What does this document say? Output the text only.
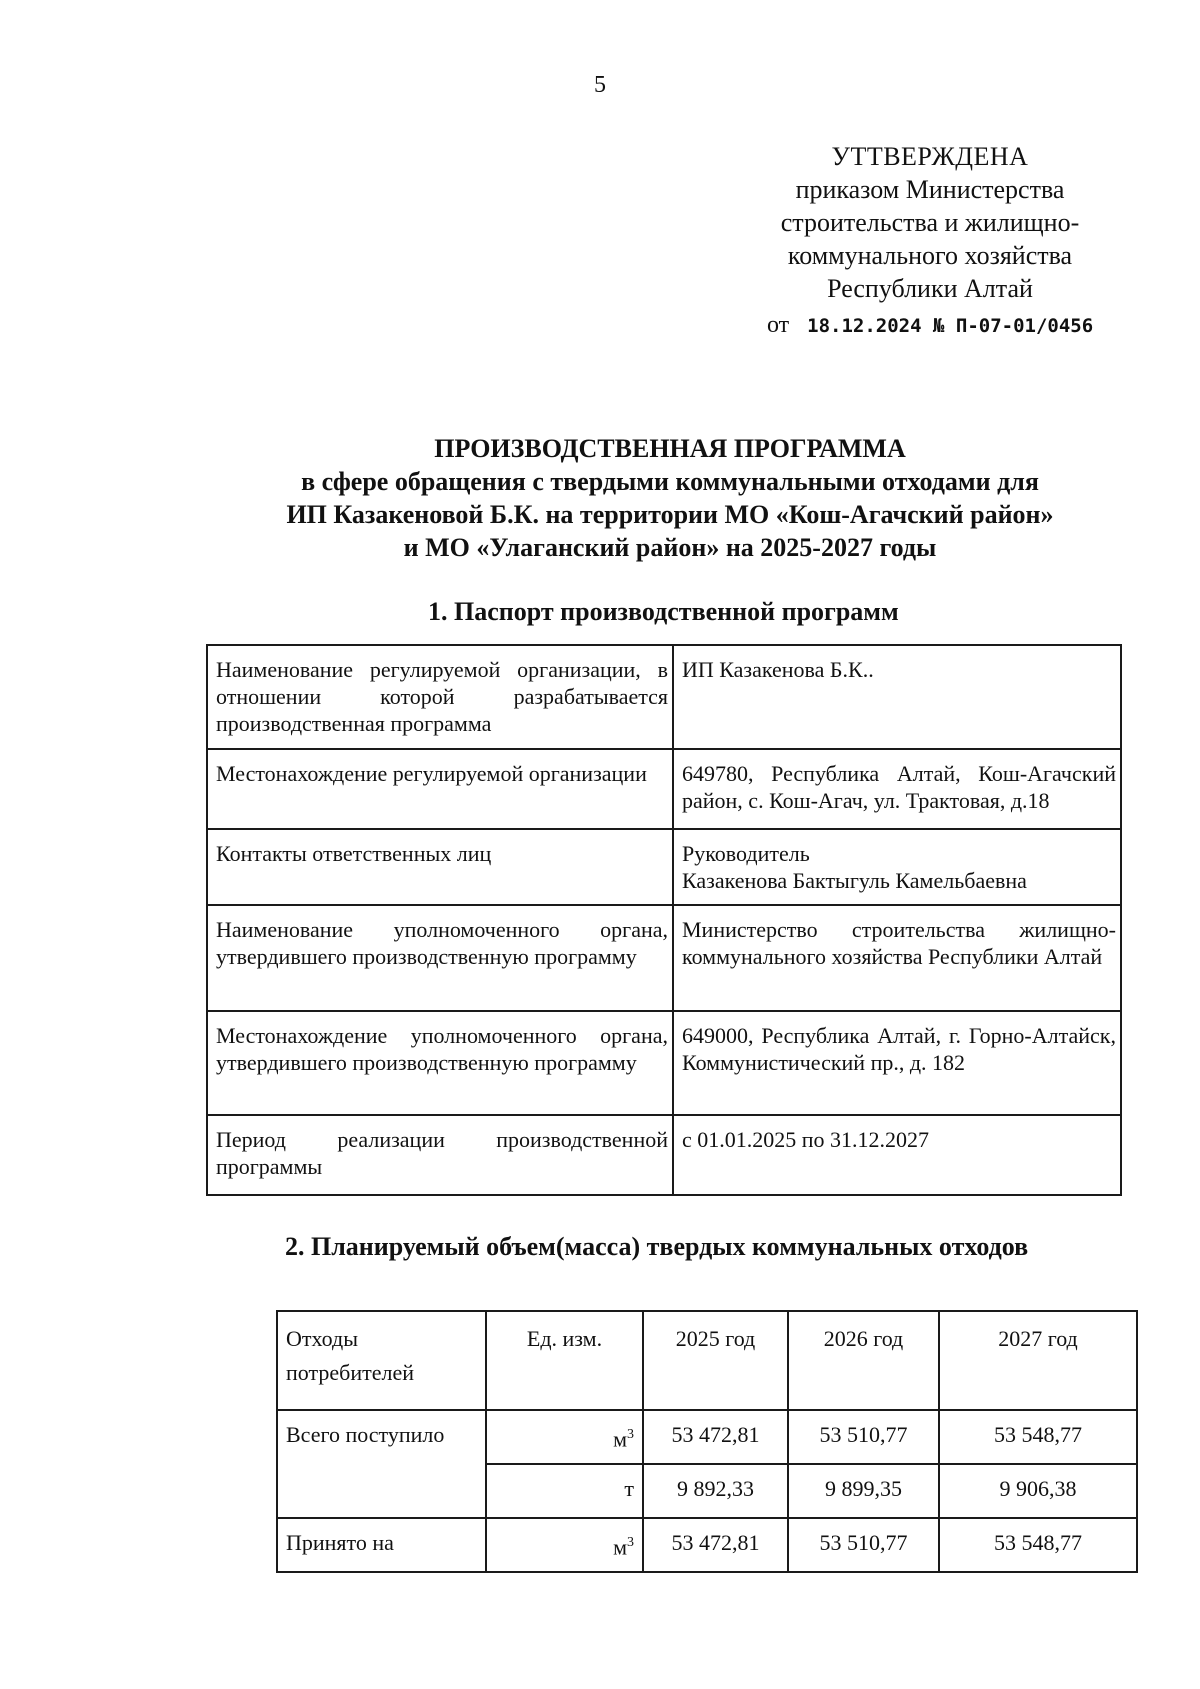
5
УТТВЕРЖДЕНА
приказом Министерства
строительства и жилищно-
коммунального хозяйства
Республики Алтай
от 18.12.2024 № П-07-01/0456
ПРОИЗВОДСТВЕННАЯ ПРОГРАММА
в сфере обращения с твердыми коммунальными отходами для
ИП Казакеновой Б.К. на территории МО «Кош-Агачский район»
и МО «Улаганский район» на 2025-2027 годы
1. Паспорт производственной программ
Наименование регулируемой организации, в отношении которой разрабатывается производственная программа	ИП Казакенова Б.К..
Местонахождение регулируемой организации	649780, Республика Алтай, Кош-Агачский район, с. Кош-Агач, ул. Трактовая, д.18
Контакты ответственных лиц	Руководитель
Казакенова Бактыгуль Камельбаевна

Наименование уполномоченного органа, утвердившего производственную программу	Министерство строительства жилищно-коммунального хозяйства Республики Алтай
Местонахождение уполномоченного органа, утвердившего производственную программу	649000, Республика Алтай, г. Горно-Алтайск, Коммунистический пр., д. 182
Период реализации производственной программы	с 01.01.2025 по 31.12.2027
2. Планируемый объем(масса) твердых коммунальных отходов
Отходы потребителей	Ед. изм.	2025 год	2026 год	2027 год
Всего поступило	$м^3$	53 472,81	53 510,77	53 548,77
	т	9 892,33	9 899,35	9 906,38
Принято на	$м^3$	53 472,81	53 510,77	53 548,77
